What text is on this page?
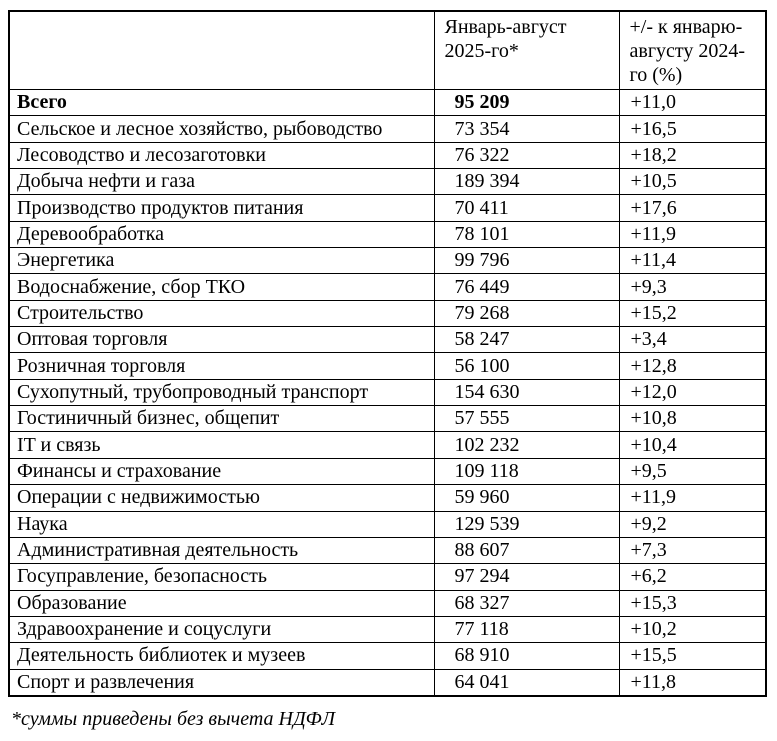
	Январь-август 2025-го*	+/- к январю-августу 2024-го (%)
Всего	95 209	+11,0
Сельское и лесное хозяйство, рыбоводство	73 354	+16,5
Лесоводство и лесозаготовки	76 322	+18,2
Добыча нефти и газа	189 394	+10,5
Производство продуктов питания	70 411	+17,6
Деревообработка	78 101	+11,9
Энергетика	99 796	+11,4
Водоснабжение, сбор ТКО	76 449	+9,3
Строительство	79 268	+15,2
Оптовая торговля	58 247	+3,4
Розничная торговля	56 100	+12,8
Сухопутный, трубопроводный транспорт	154 630	+12,0
Гостиничный бизнес, общепит	57 555	+10,8
IT и связь	102 232	+10,4
Финансы и страхование	109 118	+9,5
Операции с недвижимостью	59 960	+11,9
Наука	129 539	+9,2
Административная деятельность	88 607	+7,3
Госуправление, безопасность	97 294	+6,2
Образование	68 327	+15,3
Здравоохранение и соцуслуги	77 118	+10,2
Деятельность библиотек и музеев	68 910	+15,5
Спорт и развлечения	64 041	+11,8
*суммы приведены без вычета НДФЛ
